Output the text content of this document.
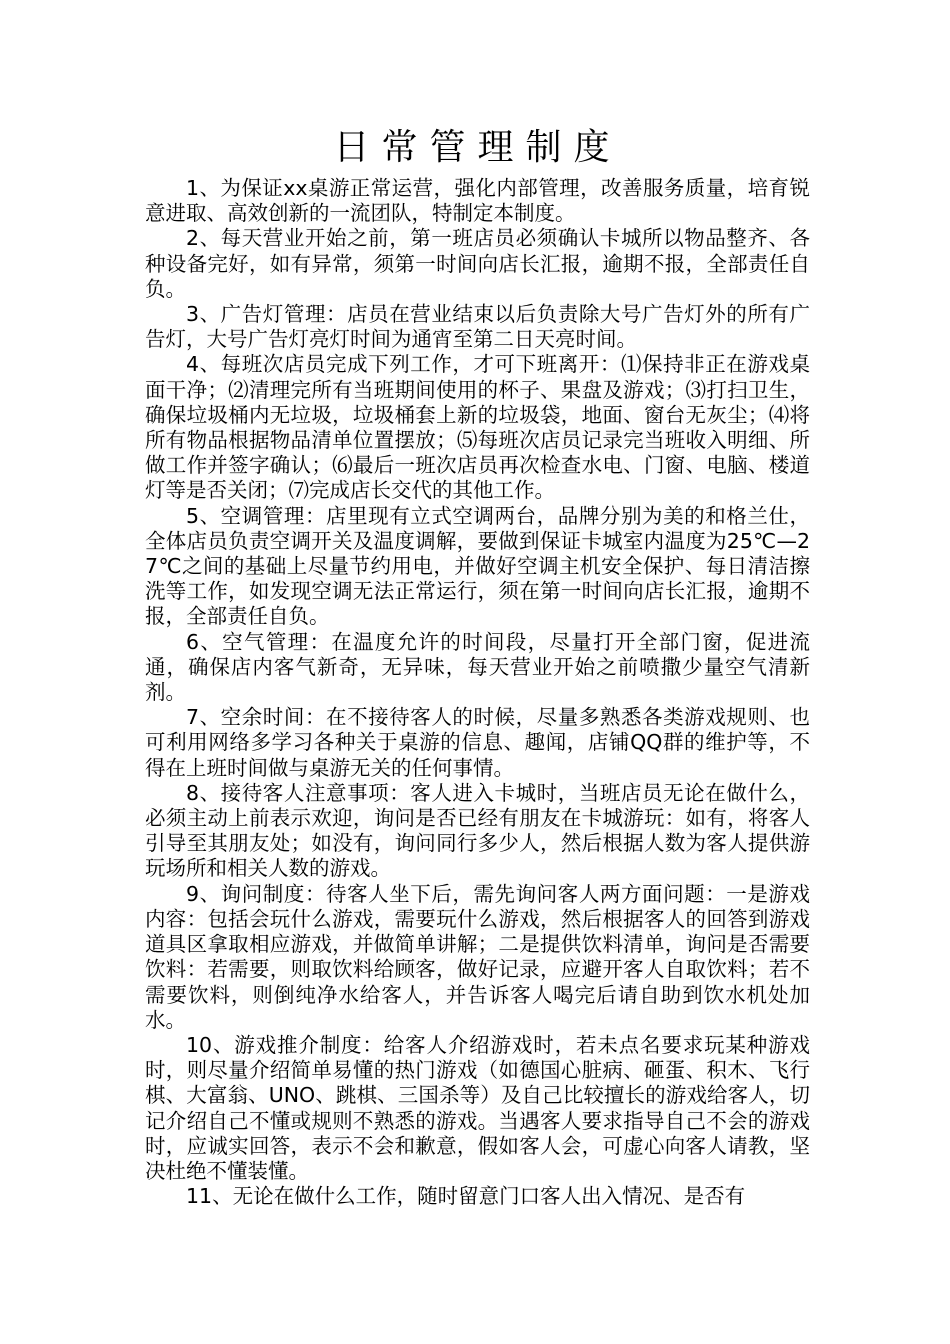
日常管理制度

1、为保证xx桌游正常运营，强化内部管理，改善服务质量，培育锐意进取、高效创新的一流团队，特制定本制度。

2、每天营业开始之前，第一班店员必须确认卡城所以物品整齐、各种设备完好，如有异常，须第一时间向店长汇报，逾期不报，全部责任自负。

3、广告灯管理：店员在营业结束以后负责除大号广告灯外的所有广告灯，大号广告灯亮灯时间为通宵至第二日天亮时间。

4、每班次店员完成下列工作，才可下班离开：⑴保持非正在游戏桌面干净；⑵清理完所有当班期间使用的杯子、果盘及游戏；⑶打扫卫生，确保垃圾桶内无垃圾，垃圾桶套上新的垃圾袋，地面、窗台无灰尘；⑷将所有物品根据物品清单位置摆放；⑸每班次店员记录完当班收入明细、所做工作并签字确认；⑹最后一班次店员再次检查水电、门窗、电脑、楼道灯等是否关闭；⑺完成店长交代的其他工作。

5、空调管理：店里现有立式空调两台，品牌分别为美的和格兰仕，全体店员负责空调开关及温度调解，要做到保证卡城室内温度为25℃—27℃之间的基础上尽量节约用电，并做好空调主机安全保护、每日清洁擦洗等工作，如发现空调无法正常运行，须在第一时间向店长汇报，逾期不报，全部责任自负。

6、空气管理：在温度允许的时间段，尽量打开全部门窗，促进流通，确保店内客气新奇，无异味，每天营业开始之前喷撒少量空气清新剂。

7、空余时间：在不接待客人的时候，尽量多熟悉各类游戏规则、也可利用网络多学习各种关于桌游的信息、趣闻，店铺QQ群的维护等，不得在上班时间做与桌游无关的任何事情。

8、接待客人注意事项：客人进入卡城时，当班店员无论在做什么，必须主动上前表示欢迎，询问是否已经有朋友在卡城游玩：如有，将客人引导至其朋友处；如没有，询问同行多少人，然后根据人数为客人提供游玩场所和相关人数的游戏。

9、询问制度：待客人坐下后，需先询问客人两方面问题：一是游戏内容：包括会玩什么游戏，需要玩什么游戏，然后根据客人的回答到游戏道具区拿取相应游戏，并做简单讲解；二是提供饮料清单，询问是否需要饮料：若需要，则取饮料给顾客，做好记录，应避开客人自取饮料；若不需要饮料，则倒纯净水给客人，并告诉客人喝完后请自助到饮水机处加水。

10、游戏推介制度：给客人介绍游戏时，若未点名要求玩某种游戏时，则尽量介绍简单易懂的热门游戏（如德国心脏病、砸蛋、积木、飞行棋、大富翁、UNO、跳棋、三国杀等）及自己比较擅长的游戏给客人，切记介绍自己不懂或规则不熟悉的游戏。当遇客人要求指导自己不会的游戏时，应诚实回答，表示不会和歉意，假如客人会，可虚心向客人请教，坚决杜绝不懂装懂。

11、无论在做什么工作，随时留意门口客人出入情况、是否有
